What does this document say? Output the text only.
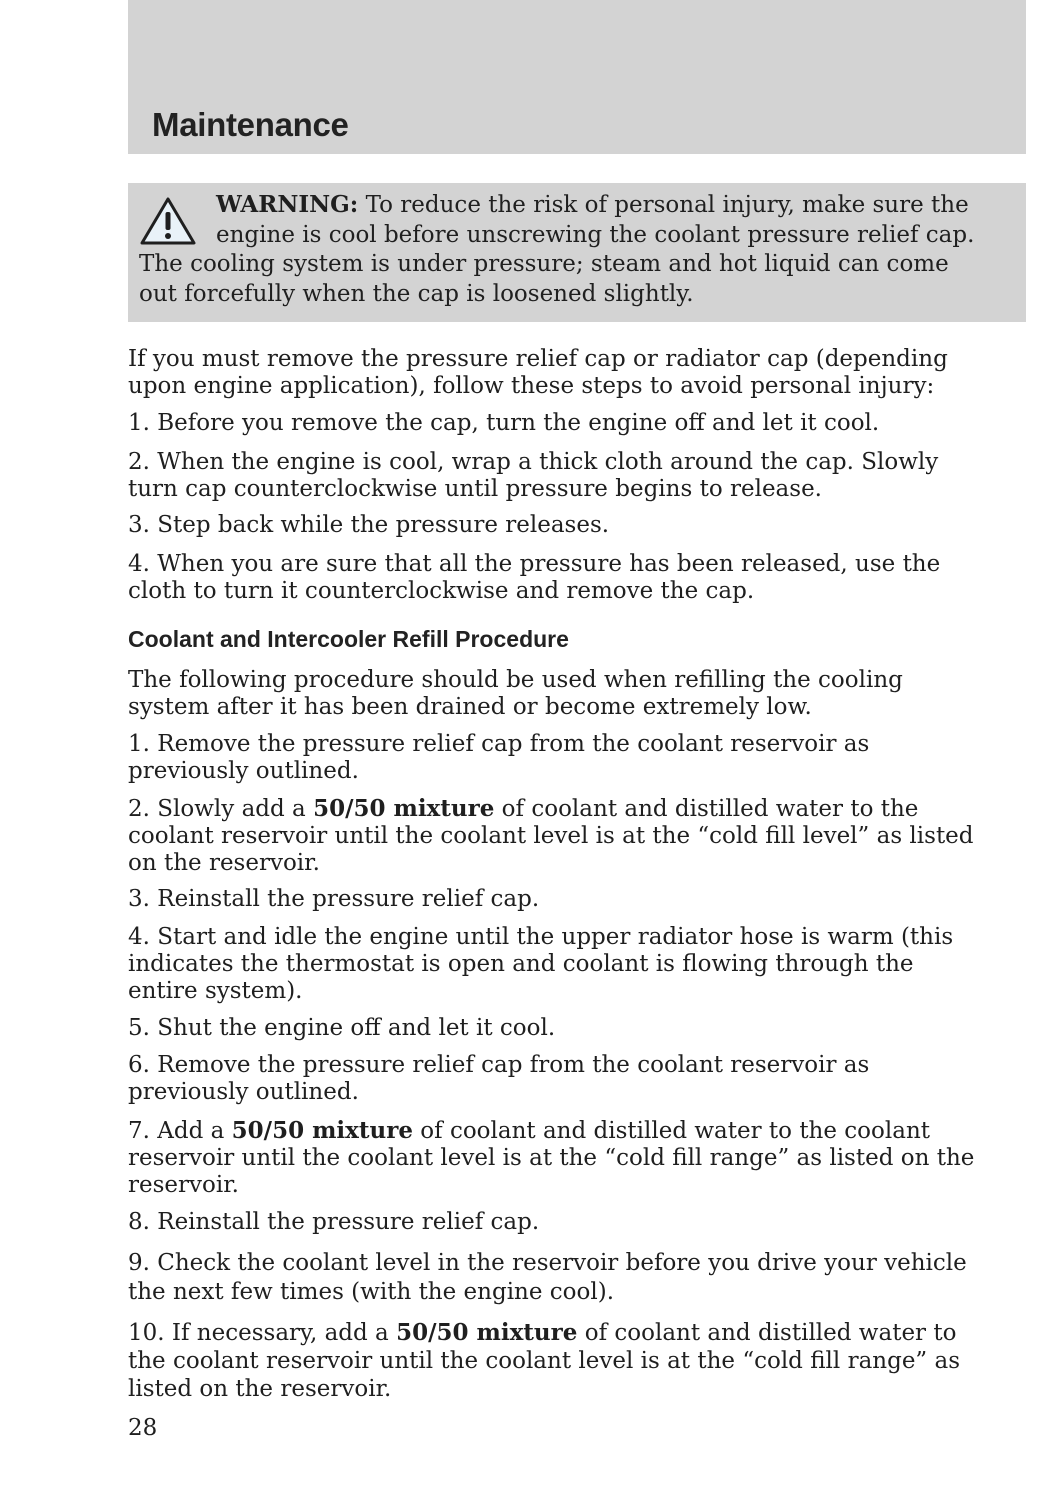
Maintenance
WARNING: To reduce the risk of personal injury, make sure the
engine is cool before unscrewing the coolant pressure relief cap.
The cooling system is under pressure; steam and hot liquid can come
out forcefully when the cap is loosened slightly.
If you must remove the pressure relief cap or radiator cap (depending
upon engine application), follow these steps to avoid personal injury:
1. Before you remove the cap, turn the engine off and let it cool.
2. When the engine is cool, wrap a thick cloth around the cap. Slowly
turn cap counterclockwise until pressure begins to release.
3. Step back while the pressure releases.
4. When you are sure that all the pressure has been released, use the
cloth to turn it counterclockwise and remove the cap.
Coolant and Intercooler Refill Procedure
The following procedure should be used when refilling the cooling
system after it has been drained or become extremely low.
1. Remove the pressure relief cap from the coolant reservoir as
previously outlined.
2. Slowly add a 50/50 mixture of coolant and distilled water to the
coolant reservoir until the coolant level is at the “cold fill level” as listed
on the reservoir.
3. Reinstall the pressure relief cap.
4. Start and idle the engine until the upper radiator hose is warm (this
indicates the thermostat is open and coolant is flowing through the
entire system).
5. Shut the engine off and let it cool.
6. Remove the pressure relief cap from the coolant reservoir as
previously outlined.
7. Add a 50/50 mixture of coolant and distilled water to the coolant
reservoir until the coolant level is at the “cold fill range” as listed on the
reservoir.
8. Reinstall the pressure relief cap.
9. Check the coolant level in the reservoir before you drive your vehicle
the next few times (with the engine cool).
10. If necessary, add a 50/50 mixture of coolant and distilled water to
the coolant reservoir until the coolant level is at the “cold fill range” as
listed on the reservoir.
28
